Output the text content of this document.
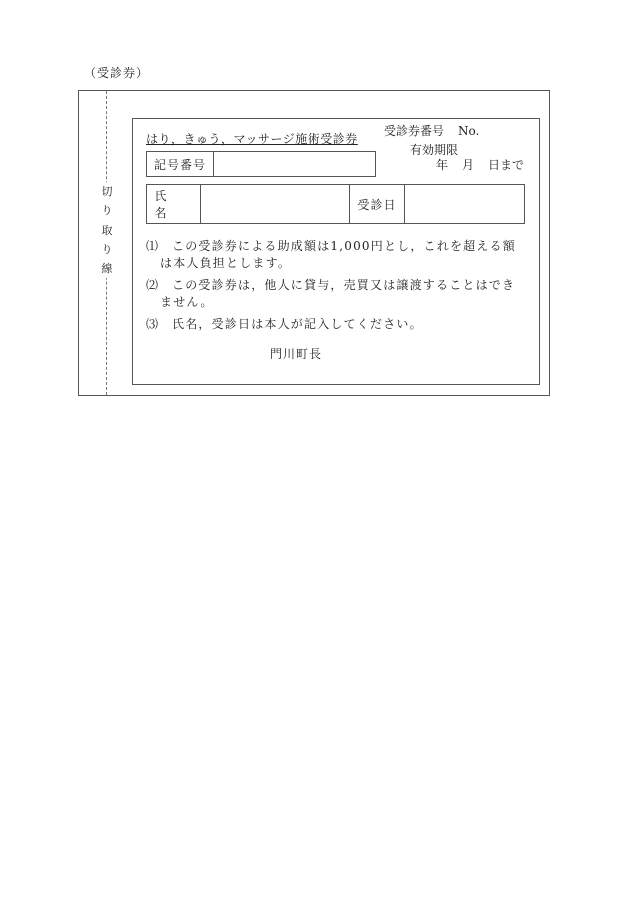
（受診券）
切
り
取
り
線
はり，きゅう，マッサージ施術受診券
受診券番号 No.
有効期限
年 月 日まで
記号番号
氏　名
受診日
⑴ この受診券による助成額は1,000円とし，これを超える額
は本人負担とします。
⑵ この受診券は，他人に貸与，売買又は譲渡することはでき
ません。
⑶ 氏名，受診日は本人が記入してください。
門川町長
